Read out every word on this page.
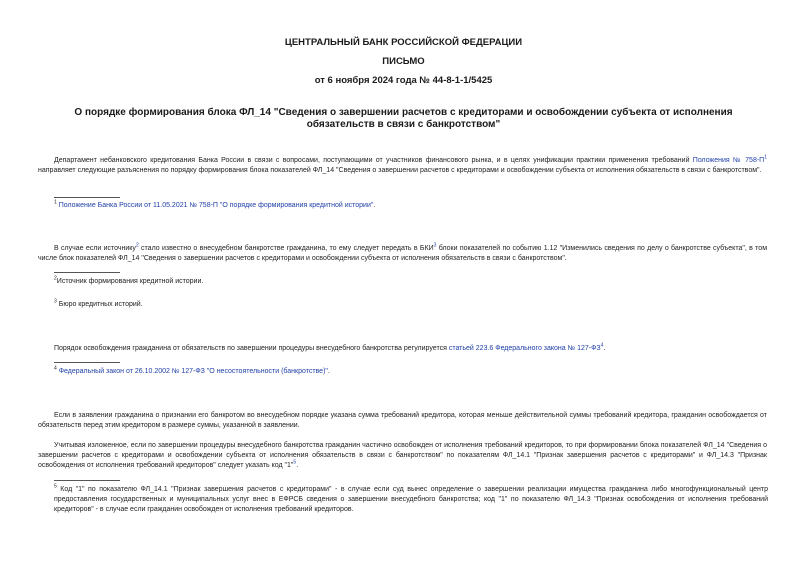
ЦЕНТРАЛЬНЫЙ БАНК РОССИЙСКОЙ ФЕДЕРАЦИИ
ПИСЬМО
от 6 ноября 2024 года № 44-8-1-1/5425
О порядке формирования блока ФЛ_14 "Сведения о завершении расчетов с кредиторами и освобождении субъекта от исполнения обязательств в связи с банкротством"
Департамент небанковского кредитования Банка России в связи с вопросами, поступающими от участников финансового рынка, и в целях унификации практики применения требований Положения № $758-П^1$ направляет следующие разъяснения по порядку формирования блока показателей ФЛ_14 "Сведения о завершении расчетов с кредиторами и освобождении субъекта от исполнения обязательств в связи с банкротством".
$^1$ Положение Банка России от 11.05.2021 № 758-П "О порядке формирования кредитной истории".
В случае если источнику$^2$ стало известно о внесудебном банкротстве гражданина, то ему следует передать в БКИ$^3$ блоки показателей по событию 1.12 "Изменились сведения по делу о банкротстве субъекта", в том числе блок показателей ФЛ_14 "Сведения о завершении расчетов с кредиторами и освобождении субъекта от исполнения обязательств в связи с банкротством".
$^2$Источник формирования кредитной истории.
$^3$ Бюро кредитных историй.
Порядок освобождения гражданина от обязательств по завершении процедуры внесудебного банкротства регулируется статьей 223.6 Федерального закона № $127-ФЗ^4$.
$^4$ Федеральный закон от 26.10.2002 № 127-ФЗ "О несостоятельности (банкротстве)".
Если в заявлении гражданина о признании его банкротом во внесудебном порядке указана сумма требований кредитора, которая меньше действительной суммы требований кредитора, гражданин освобождается от обязательств перед этим кредитором в размере суммы, указанной в заявлении.
Учитывая изложенное, если по завершении процедуры внесудебного банкротства гражданин частично освобожден от исполнения требований кредиторов, то при формировании блока показателей ФЛ_14 "Сведения о завершении расчетов с кредиторами и освобождении субъекта от исполнения обязательств в связи с банкротством" по показателям ФЛ_14.1 "Признак завершения расчетов с кредиторами" и ФЛ_14.3 "Признак освобождения от исполнения требований кредиторов" следует указать код "1"$^5$.
$^5$ Код "1" по показателю ФЛ_14.1 "Признак завершения расчетов с кредиторами" - в случае если суд вынес определение о завершении реализации имущества гражданина либо многофункциональный центр предоставления государственных и муниципальных услуг внес в ЕФРСБ сведения о завершении внесудебного банкротства; код "1" по показателю ФЛ_14.3 "Признак освобождения от исполнения требований кредиторов" - в случае если гражданин освобожден от исполнения требований кредиторов.
